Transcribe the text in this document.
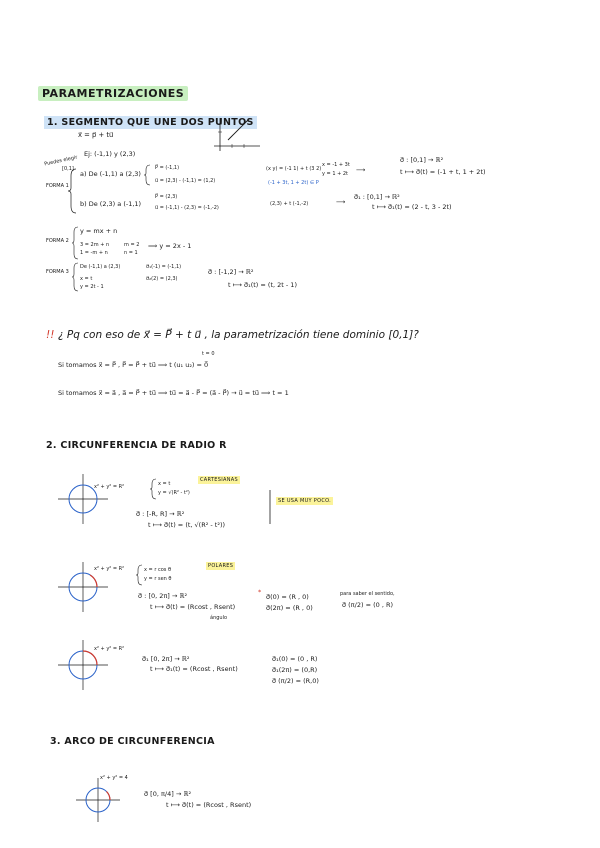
PARAMETRIZACIONES
1. SEGMENTO QUE UNE DOS PUNTOS
x⃗ = p⃗ + tu⃗
Ej: (-1,1) y (2,3)
Puedes elegir
[0,1]
FORMA 1
a) De (-1,1) a (2,3)
P⃗ = (-1,1)
u⃗ = (2,3) - (-1,1) = (1,2)
(x y) = (-1 1) + t (3 2)
x = -1 + 3t
y = 1 + 2t
(-1 + 3t, 1 + 2t) ∈ P
⟶
σ⃗ : [0,1] → ℝ²
t ⟼ σ⃗(t) = (-1 + t, 1 + 2t)
b) De (2,3) a (-1,1)
P⃗ = (2,3)
u⃗ = (-1,1) - (2,3) = (-1,-2)
(2,3) + t (-1,-2)	⟶
σ⃗₁ : [0,1] → ℝ²
t ⟼ σ⃗₁(t) = (2 - t, 3 - 2t)
FORMA 2
y = mx + n
3 = 2m + n
1 = -m + n
m = 2
n = 1
⟹ y = 2x - 1
FORMA 3
De (-1,1) a (2,3)
x = t
y = 2t - 1
σ⃗₁(-1) = (-1,1)
σ⃗₂(2) = (2,3)
σ⃗ : [-1,2] → ℝ²
t ⟼ σ⃗₁(t) = (t, 2t - 1)
!! ¿ Pq con eso de x⃗ = P⃗ + t u⃗ , la parametrización tiene dominio [0,1]?
t = 0
Si tomamos x⃗ = P⃗ , P⃗ = P⃗ + tu⃗ ⟹ t (u₁ u₂) = 0⃗
Si tomamos x⃗ = a⃗ , a⃗ = P⃗ + tu⃗ ⟹ tu⃗ = a⃗ - P⃗ = (a⃗ - P⃗) → u⃗ = tu⃗ ⟹ t = 1
2. CIRCUNFERENCIA DE RADIO R
x² + y² = R²	x = t
y = √(R² - t²)
CARTESIANAS
σ⃗ : [-R, R] → ℝ²
t ⟼ σ⃗(t) = (t, √(R² - t²))
SE USA MUY POCO.
x² + y² = R²	x = r cos θ
y = r sen θ
POLARES
σ⃗ : [0, 2π] → ℝ²
t ⟼ σ⃗(t) = (Rcost , Rsent)
ángulo
*
σ⃗(0) = (R , 0)
σ⃗(2π) = (R , 0)
para saber el sentido,
σ⃗ (π/2) = (0 , R)
x² + y² = R²
σ⃗₁ [0, 2π] → ℝ²
t ⟼ σ⃗₁(t) = (Rcost , Rsent)
σ⃗₁(0) = (0 , R)
σ⃗₁(2π) = (0,R)
σ⃗ (π/2) = (R,0)
3. ARCO DE CIRCUNFERENCIA
x² + y² = 4
σ⃗ [0, π/4] → ℝ²
t ⟼ σ⃗(t) = (Rcost , Rsent)
